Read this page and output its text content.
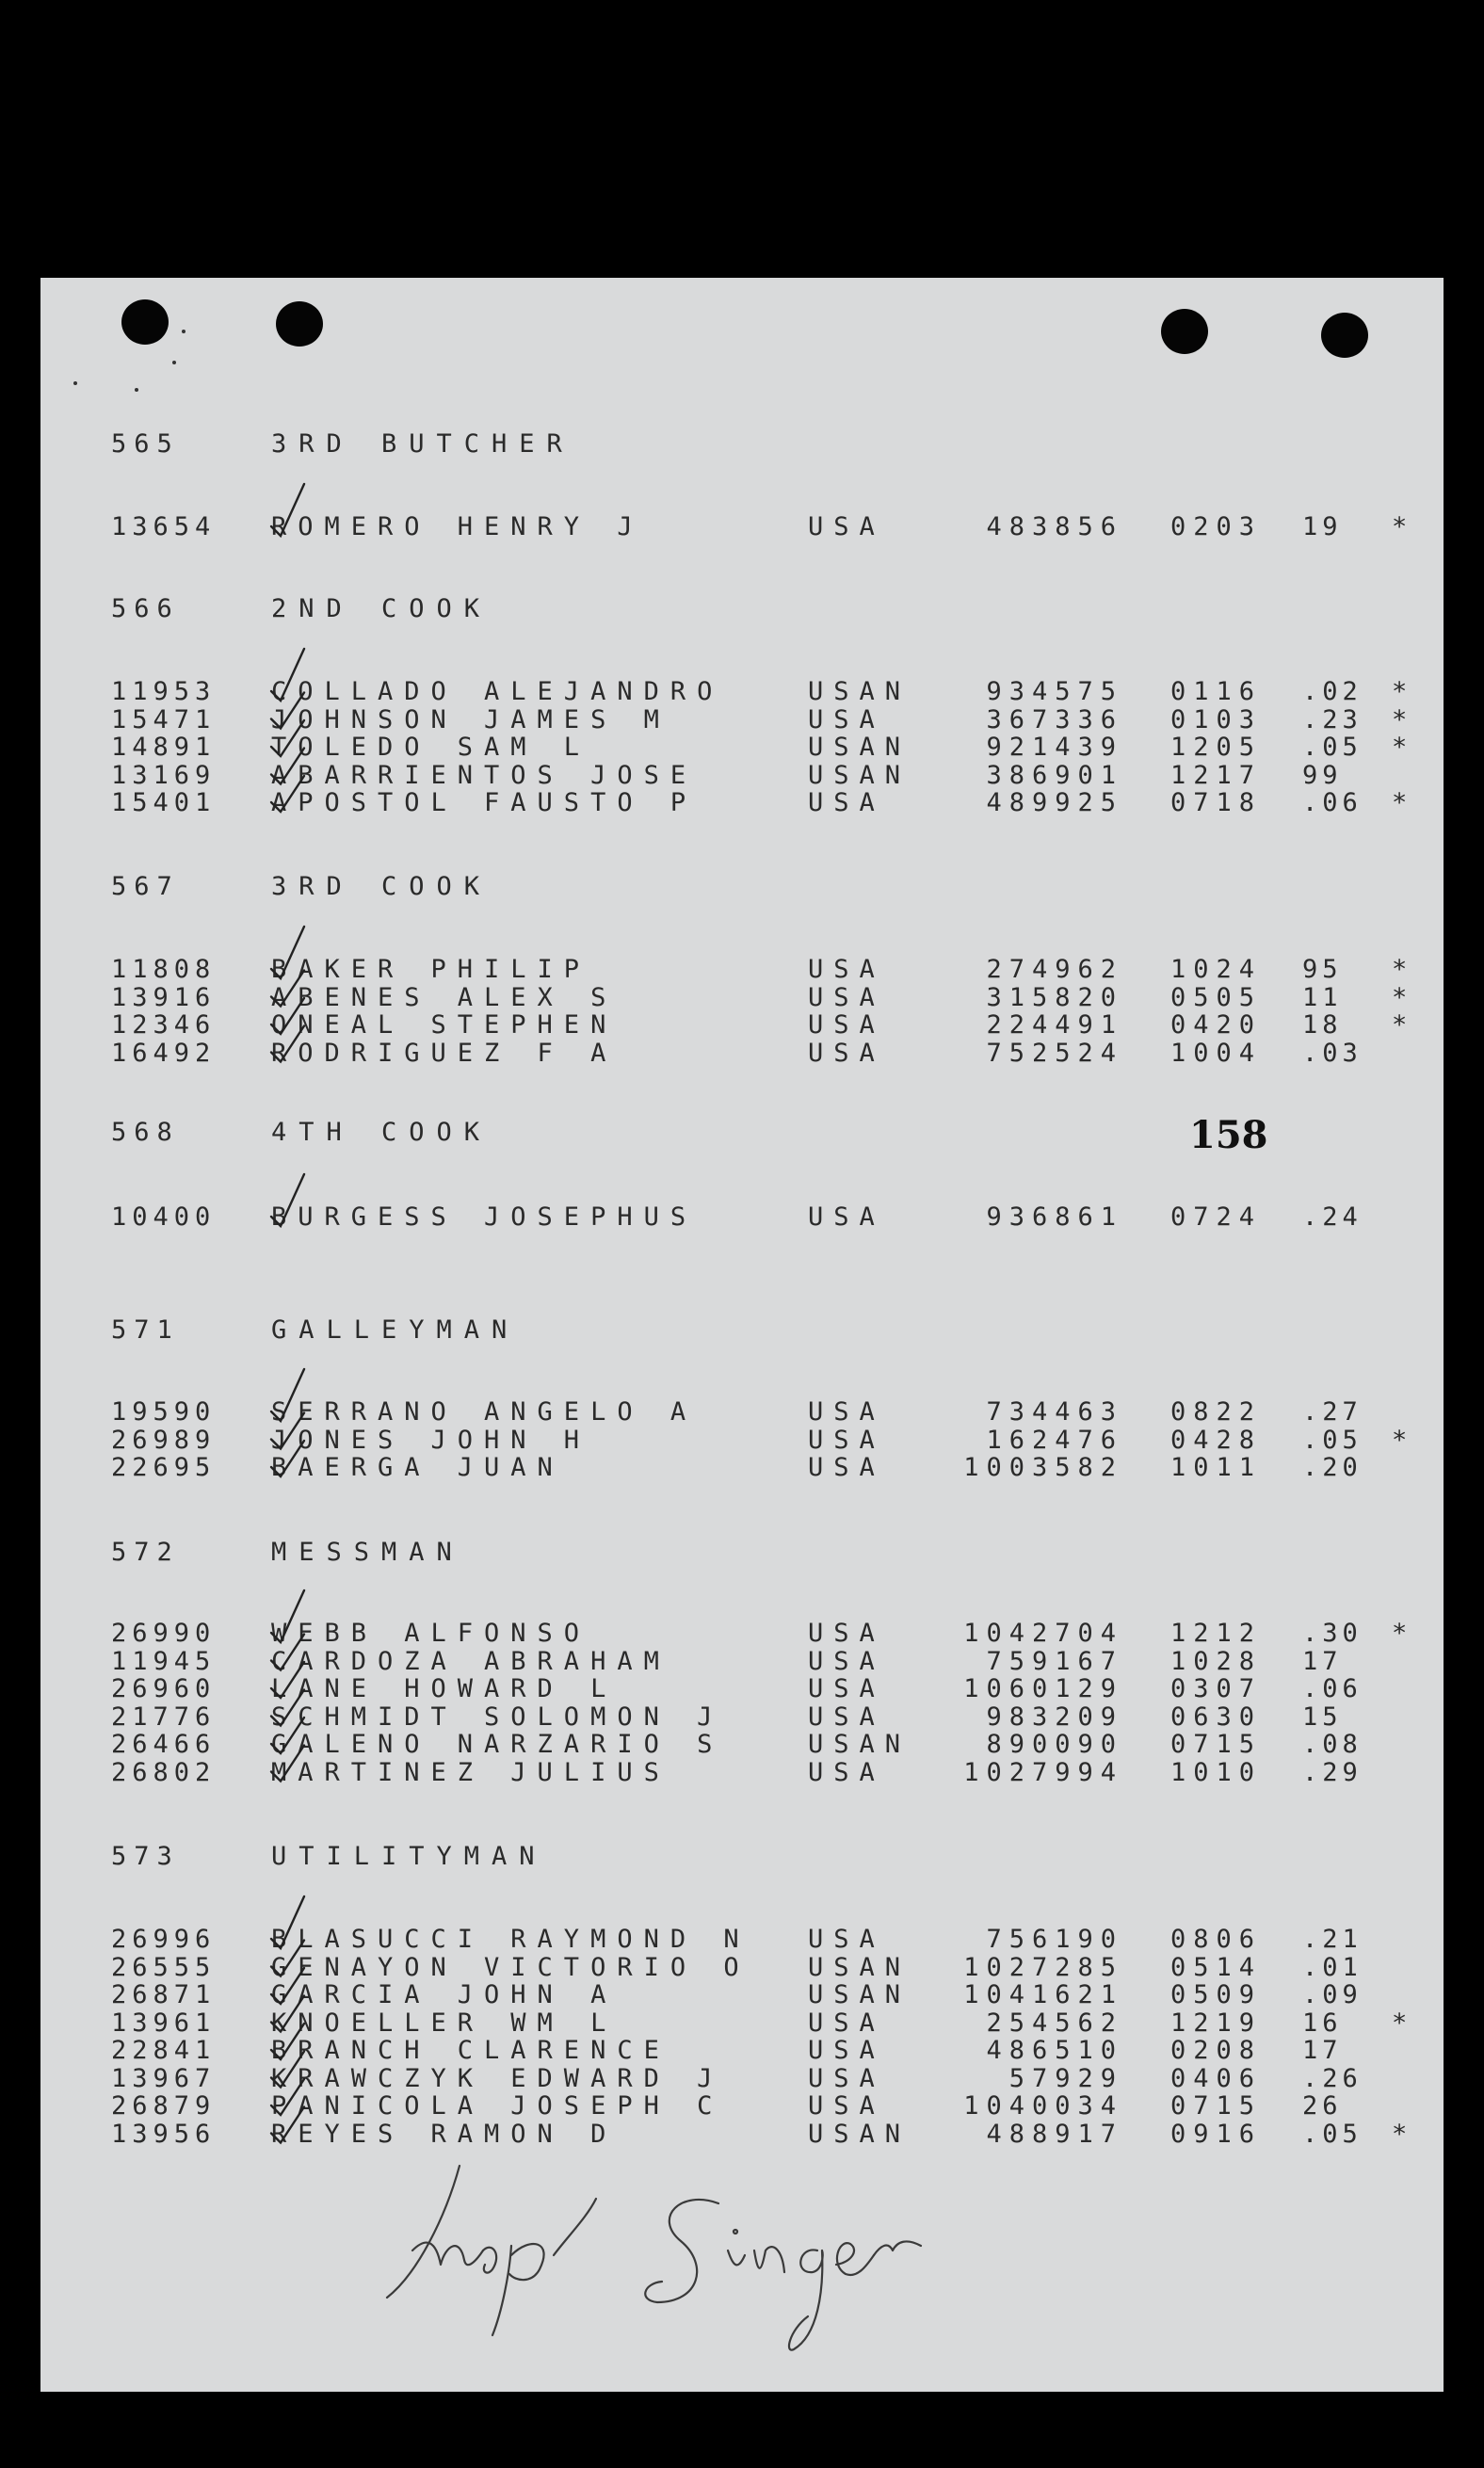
565	3RD BUTCHER
13654 ROMERO HENRY J	USA	483856 0203 19 *
566	2ND COOK
11953 COLLADO ALEJANDRO	USAN	934575 0116 .02 *
15471 JOHNSON JAMES M	USA	367336 0103 .23 *
14891 TOLEDO SAM L	USAN	921439 1205 .05 *
13169 ABARRIENTOS JOSE	USAN	386901 1217 99
15401 APOSTOL FAUSTO P	USA	489925 0718 .06 *
567	3RD COOK
11808 BAKER PHILIP	USA	274962 1024 95 *
13916 ABENES ALEX S	USA	315820 0505 11 *
12346 ONEAL STEPHEN	USA	224491 0420 18 *
16492 RODRIGUEZ F A	USA	752524 1004 .03
568	4TH COOK
10400 BURGESS JOSEPHUS	USA	936861 0724 .24
571	GALLEYMAN
19590 SERRANO ANGELO A	USA	734463 0822 .27
26989 JONES JOHN H	USA	162476 0428 .05 *
22695 BAERGA JUAN	USA	1003582 1011 .20
572	MESSMAN
26990 WEBB ALFONSO	USA	1042704 1212 .30 *
11945 CARDOZA ABRAHAM	USA	759167 1028 17
26960 LANE HOWARD L	USA	1060129 0307 .06
21776 SCHMIDT SOLOMON J	USA	983209 0630 15
26466 GALENO NARZARIO S	USAN	890090 0715 .08
26802 MARTINEZ JULIUS	USA	1027994 1010 .29
573	UTILITYMAN
26996 BLASUCCI RAYMOND N USA	756190 0806 .21
26555 GENAYON VICTORIO O USAN	1027285 0514 .01
26871 GARCIA JOHN A	USAN	1041621 0509 .09
13961 KNOELLER WM L	USA	254562 1219 16 *
22841 BRANCH CLARENCE	USA	486510 0208 17
13967 KRAWCZYK EDWARD J	USA	57929 0406 .26
26879 PANICOLA JOSEPH C	USA	1040034 0715 26
13956 REYES RAMON D	USAN	488917 0916 .05 *
158
